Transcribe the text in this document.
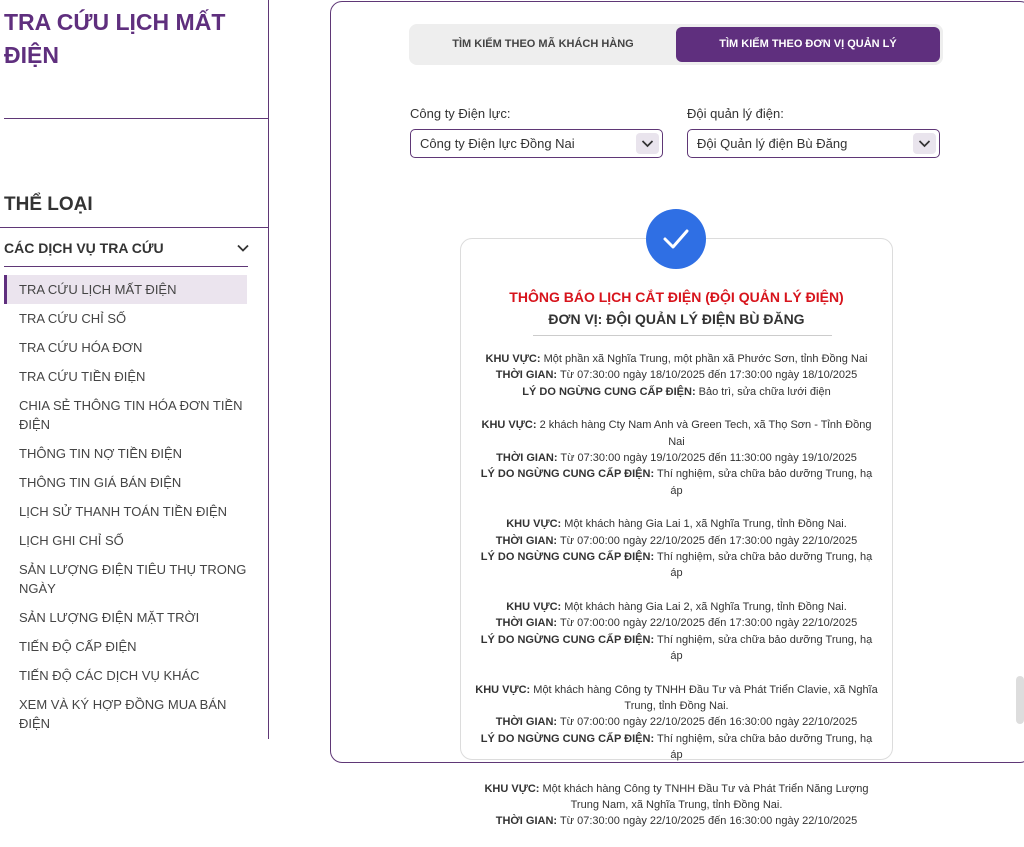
TRA CỨU LỊCH MẤT ĐIỆN
THỂ LOẠI
CÁC DỊCH VỤ TRA CỨU
TRA CỨU LỊCH MẤT ĐIỆN
TRA CỨU CHỈ SỐ
TRA CỨU HÓA ĐƠN
TRA CỨU TIỀN ĐIỆN
CHIA SẺ THÔNG TIN HÓA ĐƠN TIỀN ĐIỆN
THÔNG TIN NỢ TIỀN ĐIỆN
THÔNG TIN GIÁ BÁN ĐIỆN
LỊCH SỬ THANH TOÁN TIỀN ĐIỆN
LỊCH GHI CHỈ SỐ
SẢN LƯỢNG ĐIỆN TIÊU THỤ TRONG NGÀY
SẢN LƯỢNG ĐIỆN MẶT TRỜI
TIẾN ĐỘ CẤP ĐIỆN
TIẾN ĐỘ CÁC DỊCH VỤ KHÁC
XEM VÀ KÝ HỢP ĐỒNG MUA BÁN ĐIỆN
TÌM KIẾM THEO MÃ KHÁCH HÀNG	TÌM KIẾM THEO ĐƠN VỊ QUẢN LÝ
Công ty Điện lực:
Công ty Điện lực Đồng Nai
Đội quản lý điện:
Đội Quản lý điện Bù Đăng
THÔNG BÁO LỊCH CẮT ĐIỆN (ĐỘI QUẢN LÝ ĐIỆN)
ĐƠN VỊ: ĐỘI QUẢN LÝ ĐIỆN BÙ ĐĂNG
KHU VỰC: Một phần xã Nghĩa Trung, một phần xã Phước Sơn, tỉnh Đồng Nai
THỜI GIAN: Từ 07:30:00 ngày 18/10/2025 đến 17:30:00 ngày 18/10/2025
LÝ DO NGỪNG CUNG CẤP ĐIỆN: Bảo trì, sửa chữa lưới điện
KHU VỰC: 2 khách hàng Cty Nam Anh và Green Tech, xã Thọ Sơn - Tỉnh Đồng Nai
THỜI GIAN: Từ 07:30:00 ngày 19/10/2025 đến 11:30:00 ngày 19/10/2025
LÝ DO NGỪNG CUNG CẤP ĐIỆN: Thí nghiệm, sửa chữa bảo dưỡng Trung, hạ áp
KHU VỰC: Một khách hàng Gia Lai 1, xã Nghĩa Trung, tỉnh Đồng Nai.
THỜI GIAN: Từ 07:00:00 ngày 22/10/2025 đến 17:30:00 ngày 22/10/2025
LÝ DO NGỪNG CUNG CẤP ĐIỆN: Thí nghiệm, sửa chữa bảo dưỡng Trung, hạ áp
KHU VỰC: Một khách hàng Gia Lai 2, xã Nghĩa Trung, tỉnh Đồng Nai.
THỜI GIAN: Từ 07:00:00 ngày 22/10/2025 đến 17:30:00 ngày 22/10/2025
LÝ DO NGỪNG CUNG CẤP ĐIỆN: Thí nghiệm, sửa chữa bảo dưỡng Trung, hạ áp
KHU VỰC: Một khách hàng Công ty TNHH Đầu Tư và Phát Triển Clavie, xã Nghĩa Trung, tỉnh Đồng Nai.
THỜI GIAN: Từ 07:00:00 ngày 22/10/2025 đến 16:30:00 ngày 22/10/2025
LÝ DO NGỪNG CUNG CẤP ĐIỆN: Thí nghiệm, sửa chữa bảo dưỡng Trung, hạ áp
KHU VỰC: Một khách hàng Công ty TNHH Đầu Tư và Phát Triển Năng Lượng Trung Nam, xã Nghĩa Trung, tỉnh Đồng Nai.
THỜI GIAN: Từ 07:30:00 ngày 22/10/2025 đến 16:30:00 ngày 22/10/2025
